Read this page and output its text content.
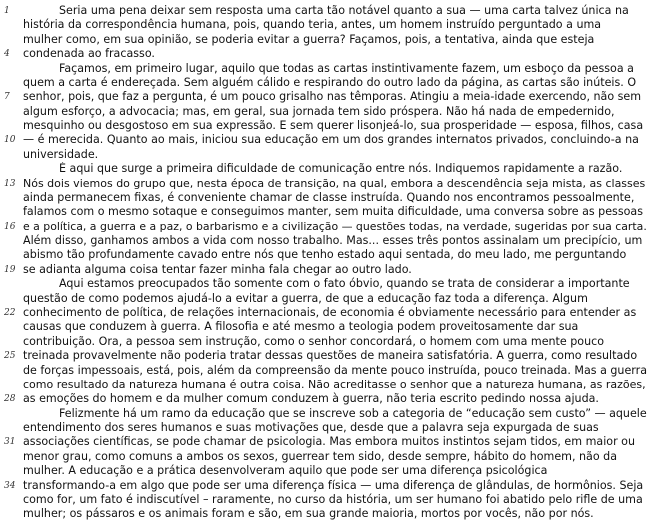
Seria uma pena deixar sem resposta uma carta tão notável quanto a sua — uma carta talvez única na
história da correspondência humana, pois, quando teria, antes, um homem instruído perguntado a uma
mulher como, em sua opinião, se poderia evitar a guerra? Façamos, pois, a tentativa, ainda que esteja
condenada ao fracasso.
Façamos, em primeiro lugar, aquilo que todas as cartas instintivamente fazem, um esboço da pessoa a
quem a carta é endereçada. Sem alguém cálido e respirando do outro lado da página, as cartas são inúteis. O
senhor, pois, que faz a pergunta, é um pouco grisalho nas têmporas. Atingiu a meia-idade exercendo, não sem
algum esforço, a advocacia; mas, em geral, sua jornada tem sido próspera. Não há nada de empedernido,
mesquinho ou desgostoso em sua expressão. E sem querer lisonjeá-lo, sua prosperidade — esposa, filhos, casa
— é merecida. Quanto ao mais, iniciou sua educação em um dos grandes internatos privados, concluindo-a na
universidade.
É aqui que surge a primeira dificuldade de comunicação entre nós. Indiquemos rapidamente a razão.
Nós dois viemos do grupo que, nesta época de transição, na qual, embora a descendência seja mista, as classes
ainda permanecem fixas, é conveniente chamar de classe instruída. Quando nos encontramos pessoalmente,
falamos com o mesmo sotaque e conseguimos manter, sem muita dificuldade, uma conversa sobre as pessoas
e a política, a guerra e a paz, o barbarismo e a civilização — questões todas, na verdade, sugeridas por sua carta.
Além disso, ganhamos ambos a vida com nosso trabalho. Mas... esses três pontos assinalam um precipício, um
abismo tão profundamente cavado entre nós que tenho estado aqui sentada, do meu lado, me perguntando
se adianta alguma coisa tentar fazer minha fala chegar ao outro lado.
Aqui estamos preocupados tão somente com o fato óbvio, quando se trata de considerar a importante
questão de como podemos ajudá-lo a evitar a guerra, de que a educação faz toda a diferença. Algum
conhecimento de política, de relações internacionais, de economia é obviamente necessário para entender as
causas que conduzem à guerra. A filosofia e até mesmo a teologia podem proveitosamente dar sua
contribuição. Ora, a pessoa sem instrução, como o senhor concordará, o homem com uma mente pouco
treinada provavelmente não poderia tratar dessas questões de maneira satisfatória. A guerra, como resultado
de forças impessoais, está, pois, além da compreensão da mente pouco instruída, pouco treinada. Mas a guerra
como resultado da natureza humana é outra coisa. Não acreditasse o senhor que a natureza humana, as razões,
as emoções do homem e da mulher comum conduzem à guerra, não teria escrito pedindo nossa ajuda.
Felizmente há um ramo da educação que se inscreve sob a categoria de “educação sem custo” — aquele
entendimento dos seres humanos e suas motivações que, desde que a palavra seja expurgada de suas
associações científicas, se pode chamar de psicologia. Mas embora muitos instintos sejam tidos, em maior ou
menor grau, como comuns a ambos os sexos, guerrear tem sido, desde sempre, hábito do homem, não da
mulher. A educação e a prática desenvolveram aquilo que pode ser uma diferença psicológica
transformando-a em algo que pode ser uma diferença física — uma diferença de glândulas, de hormônios. Seja
como for, um fato é indiscutível – raramente, no curso da história, um ser humano foi abatido pelo rifle de uma
mulher; os pássaros e os animais foram e são, em sua grande maioria, mortos por vocês, não por nós.
1
4
7
10
13
16
19
22
25
28
31
34
